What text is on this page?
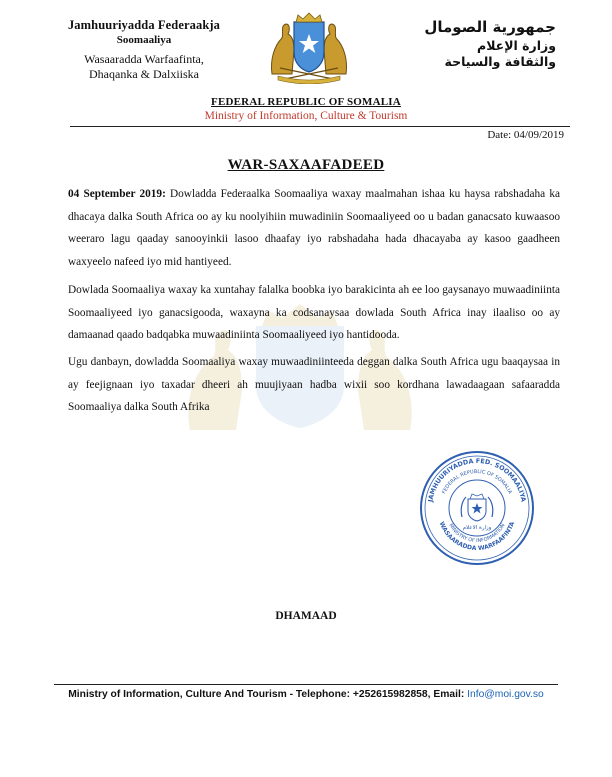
Jamhuuriyadda Federaakja
Soomaaliya
Wasaaradda Warfaafinta,
Dhaqanka & Dalxiiska
جمهورية الصومال
وزارة الإعلام
والثقافة والسياحة
FEDERAL REPUBLIC OF SOMALIA
Ministry of Information, Culture & Tourism
Date: 04/09/2019
WAR-SAXAAFADEED
04 September 2019: Dowladda Federaalka Soomaaliya waxay maalmahan ishaa ku haysa rabshadaha ka dhacaya dalka South Africa oo ay ku noolyihiin muwadiniin Soomaaliyeed oo u badan ganacsato kuwaasoo weeraro lagu qaaday sanooyinkii lasoo dhaafay iyo rabshadaha hada dhacayaba ay kasoo gaadheen waxyeelo nafeed iyo mid hantiyeed.
Dowlada Soomaaliya waxay ka xuntahay falalka boobka iyo barakicinta ah ee loo gaysanayo muwaadiniinta Soomaaliyeed iyo ganacsigooda, waxayna ka codsanaysaa dowlada South Africa inay ilaaliso oo ay damaanad qaado badqabka muwaadiniinta Soomaaliyeed iyo hantidooda.
Ugu danbayn, dowladda Soomaaliya waxay muwaadiniinteeda deggan dalka South Africa ugu baaqaysaa in ay feejignaan iyo taxadar dheeri ah muujiyaan hadba wixii soo kordhana lawadaagaan safaaradda Soomaaliya dalka South Afrika
JAMHUURIYADDA FED. SOOMAALIYA
FEDERAL REPUBLIC OF SOMALIA
MINISTRY OF INFORMATION
WASAARADDA WARFAAFINTA
وزارة الاعلام
DHAMAAD
Ministry of Information, Culture And Tourism - Telephone: +252615982858, Email: Info@moi.gov.so
